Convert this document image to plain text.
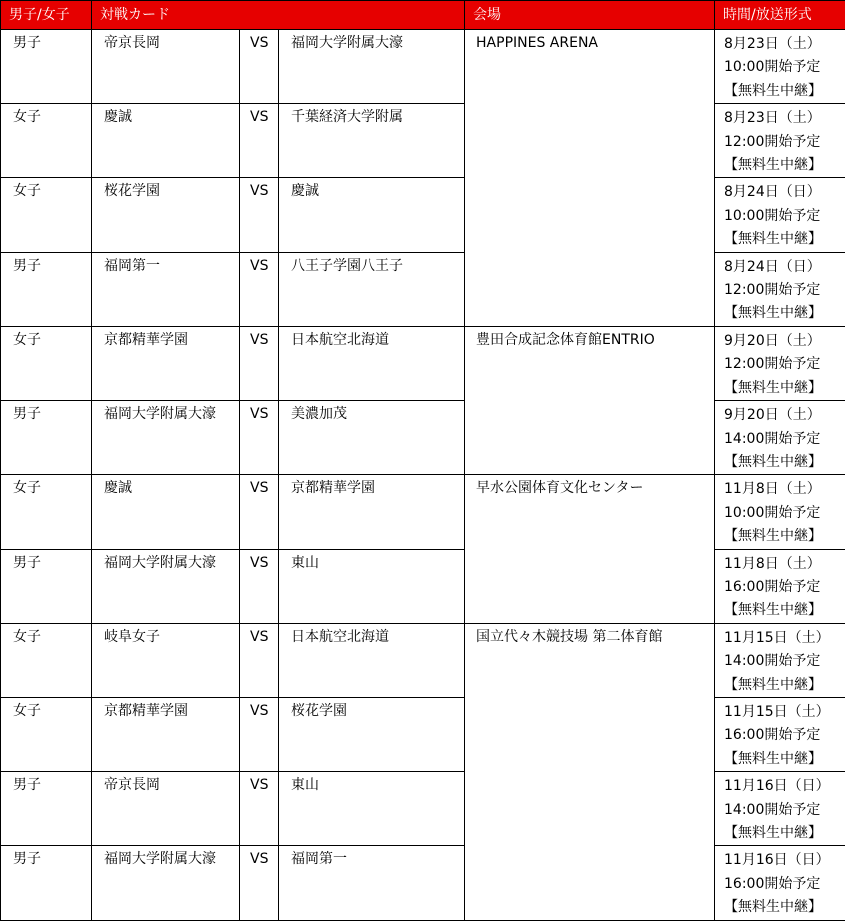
男子/女子	対戦カード			会場	時間/放送形式
男子	帝京長岡	VS	福岡大学附属大濠	HAPPINES ARENA	8月23日（土）
10:00開始予定
【無料生中継】

女子	慶誠	VS	千葉経済大学附属		8月23日（土）
12:00開始予定
【無料生中継】

女子	桜花学園	VS	慶誠		8月24日（日）
10:00開始予定
【無料生中継】

男子	福岡第一	VS	八王子学園八王子		8月24日（日）
12:00開始予定
【無料生中継】

女子	京都精華学園	VS	日本航空北海道	豊田合成記念体育館ENTRIO	9月20日（土）
12:00開始予定
【無料生中継】

男子	福岡大学附属大濠	VS	美濃加茂		9月20日（土）
14:00開始予定
【無料生中継】

女子	慶誠	VS	京都精華学園	早水公園体育文化センター	11月8日（土）
10:00開始予定
【無料生中継】

男子	福岡大学附属大濠	VS	東山		11月8日（土）
16:00開始予定
【無料生中継】

女子	岐阜女子	VS	日本航空北海道	国立代々木競技場 第二体育館	11月15日（土）
14:00開始予定
【無料生中継】

女子	京都精華学園	VS	桜花学園		11月15日（土）
16:00開始予定
【無料生中継】

男子	帝京長岡	VS	東山		11月16日（日）
14:00開始予定
【無料生中継】

男子	福岡大学附属大濠	VS	福岡第一		11月16日（日）
16:00開始予定
【無料生中継】
